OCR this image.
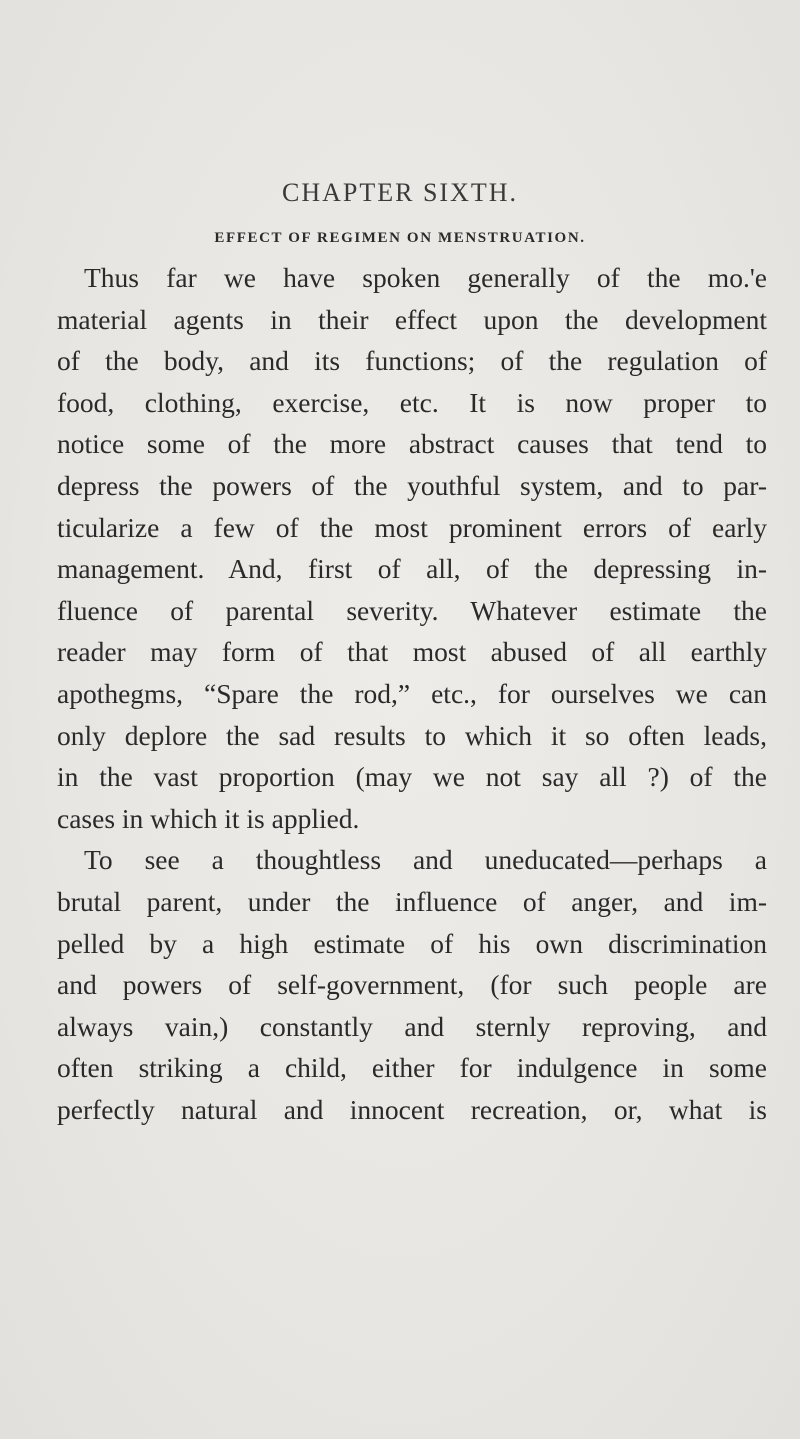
CHAPTER SIXTH.
EFFECT OF REGIMEN ON MENSTRUATION.
Thus far we have spoken generally of the mo.'e
material agents in their effect upon the development
of the body, and its functions; of the regulation of
food, clothing, exercise, etc. It is now proper to
notice some of the more abstract causes that tend to
depress the powers of the youthful system, and to par-
ticularize a few of the most prominent errors of early
management. And, first of all, of the depressing in-
fluence of parental severity. Whatever estimate the
reader may form of that most abused of all earthly
apothegms, “Spare the rod,” etc., for ourselves we can
only deplore the sad results to which it so often leads,
in the vast proportion (may we not say all ?) of the
cases in which it is applied.
To see a thoughtless and uneducated—perhaps a
brutal parent, under the influence of anger, and im-
pelled by a high estimate of his own discrimination
and powers of self-government, (for such people are
always vain,) constantly and sternly reproving, and
often striking a child, either for indulgence in some
perfectly natural and innocent recreation, or, what is
